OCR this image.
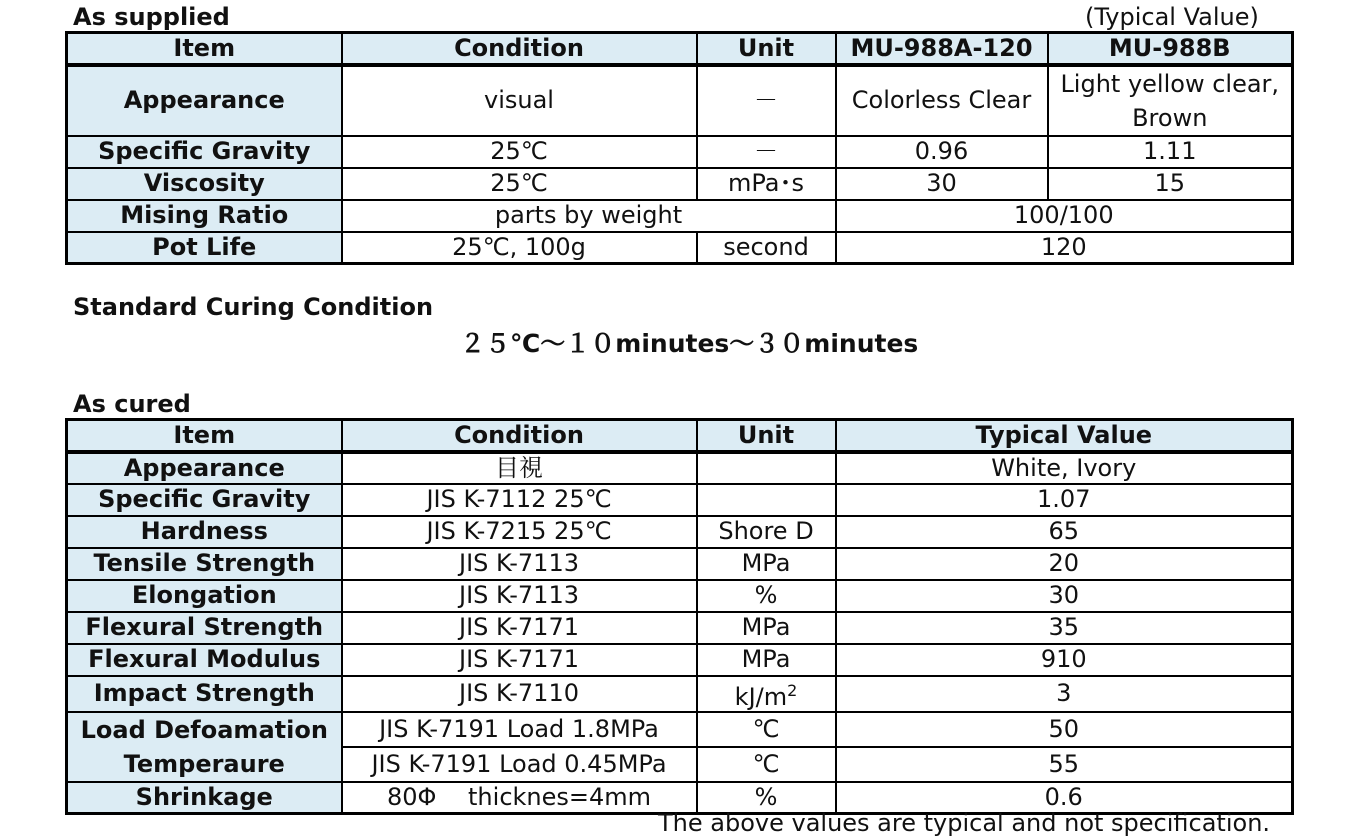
As supplied	(Typical Value)
Item	Condition	Unit	MU-988A-120	MU-988B
Appearance	visual	－	Colorless Clear	Light yellow clear, Brown
Specific Gravity	25℃	－	0.96	1.11
Viscosity	25℃	mPa･s	30	15
Mising Ratio	parts by weight		100/100	
Pot Life	25℃, 100g	second	120	
Standard Curing Condition
２５℃～１０minutes～３０minutes
As cured
Item	Condition	Unit	Typical Value
Appearance	目視		White, Ivory
Specific Gravity	JIS K-7112 25℃		1.07
Hardness	JIS K-7215 25℃	Shore D	65
Tensile Strength	JIS K-7113	MPa	20
Elongation	JIS K-7113	%	30
Flexural Strength	JIS K-7171	MPa	35
Flexural Modulus	JIS K-7171	MPa	910
Impact Strength	JIS K-7110	$kJ/m^2$	3

Load Defoamation
Temperaure	JIS K-7191 Load 1.8MPa	℃	50
	JIS K-7191 Load 0.45MPa	℃	55
Shrinkage	80Φ　 thicknes=4mm	%	0.6
The above values are typical and not specification.
